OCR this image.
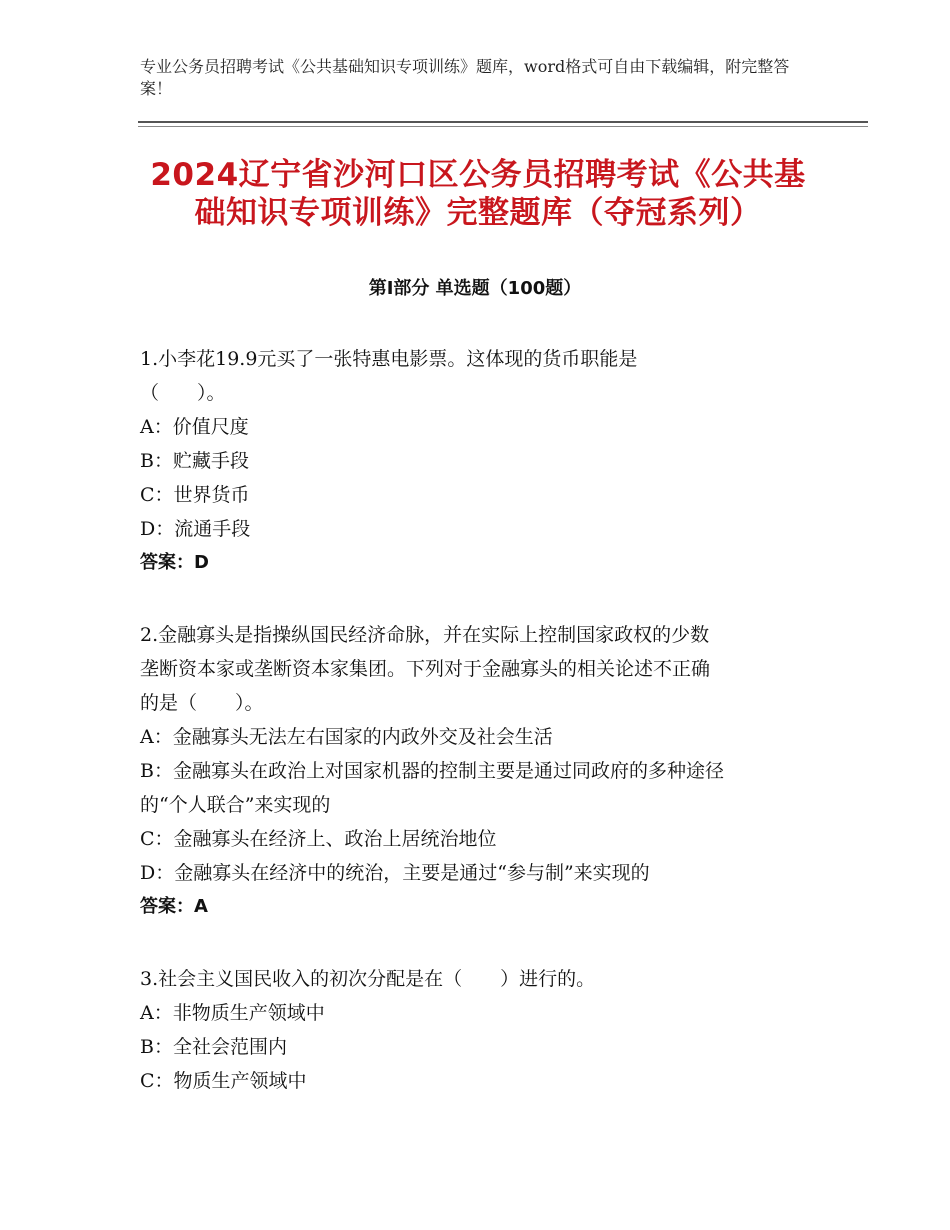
专业公务员招聘考试《公共基础知识专项训练》题库，word格式可自由下载编辑，附完整答案！
2024辽宁省沙河口区公务员招聘考试《公共基础知识专项训练》完整题库（夺冠系列）
第Ⅰ部分 单选题（100题）
1.小李花19.9元买了一张特惠电影票。这体现的货币职能是
（　　）。
A：价值尺度
B：贮藏手段
C：世界货币
D：流通手段
答案：D
2.金融寡头是指操纵国民经济命脉，并在实际上控制国家政权的少数
垄断资本家或垄断资本家集团。下列对于金融寡头的相关论述不正确
的是（　　）。
A：金融寡头无法左右国家的内政外交及社会生活
B：金融寡头在政治上对国家机器的控制主要是通过同政府的多种途径
的“个人联合”来实现的
C：金融寡头在经济上、政治上居统治地位
D：金融寡头在经济中的统治，主要是通过“参与制”来实现的
答案：A
3.社会主义国民收入的初次分配是在（　　）进行的。
A：非物质生产领域中
B：全社会范围内
C：物质生产领域中
